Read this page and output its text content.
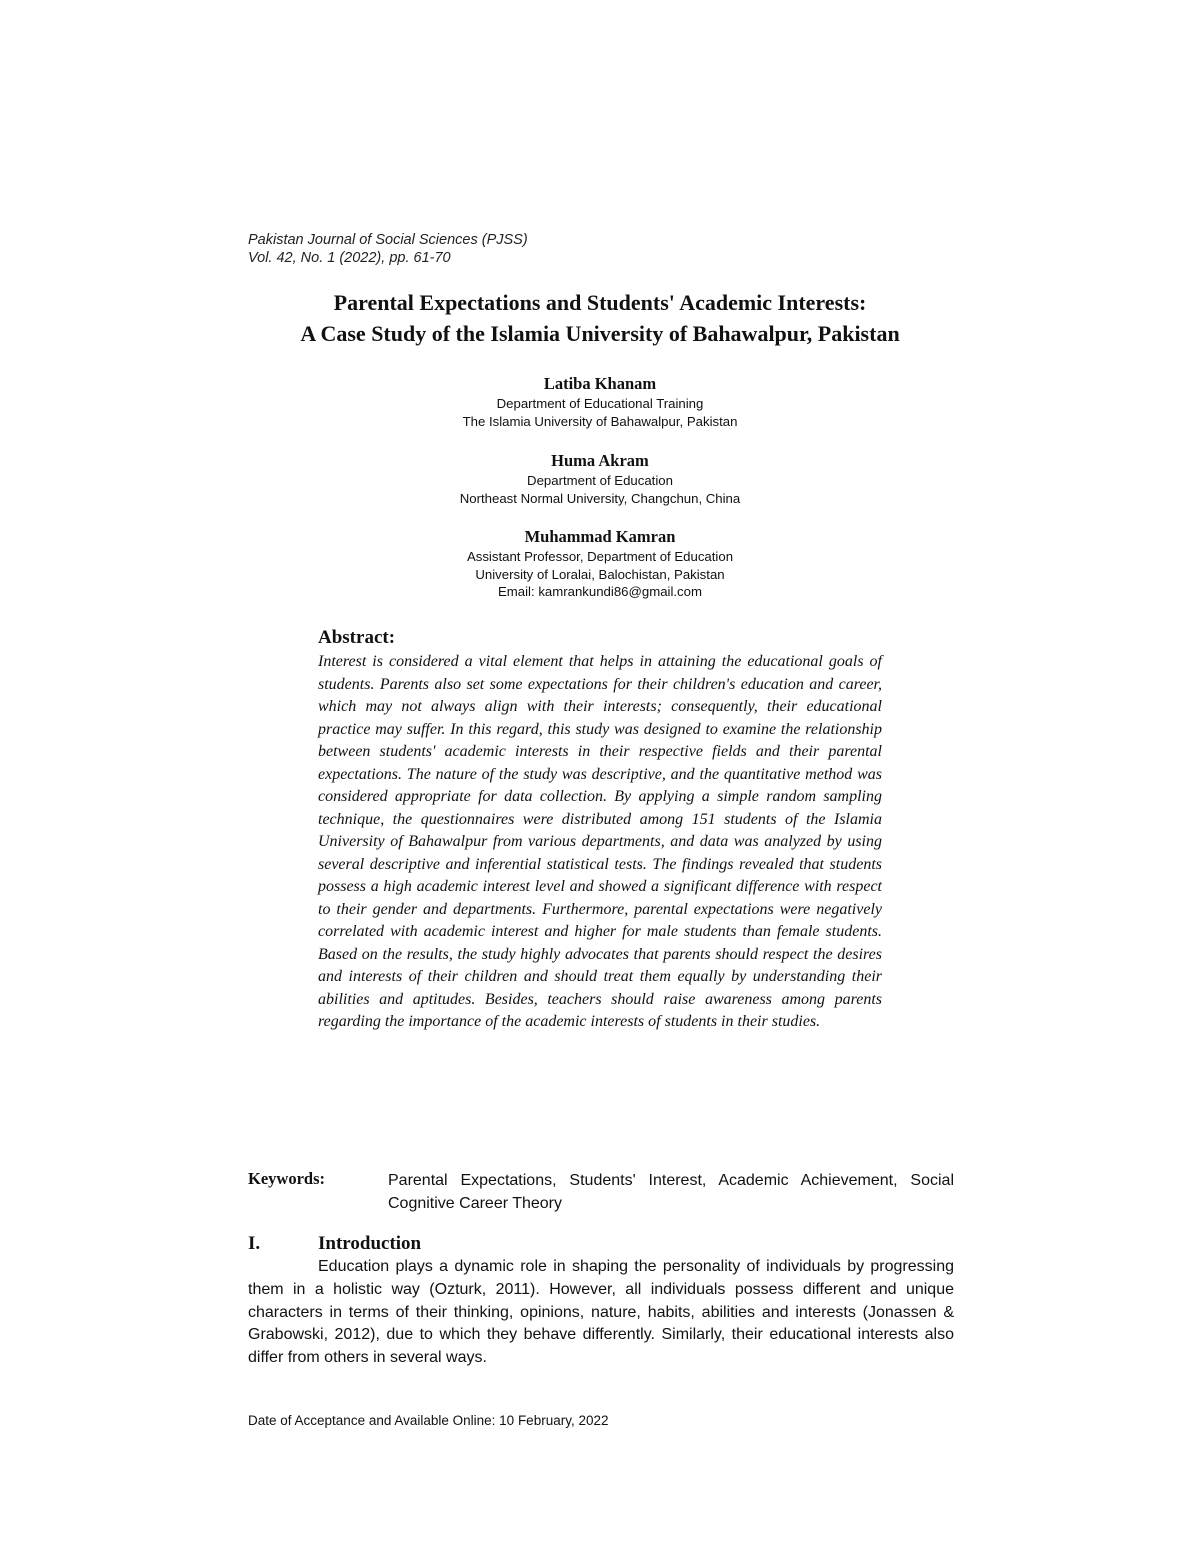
Pakistan Journal of Social Sciences (PJSS)
Vol. 42, No. 1 (2022), pp. 61-70
Parental Expectations and Students' Academic Interests:
A Case Study of the Islamia University of Bahawalpur, Pakistan
Latiba Khanam
Department of Educational Training
The Islamia University of Bahawalpur, Pakistan
Huma Akram
Department of Education
Northeast Normal University, Changchun, China
Muhammad Kamran
Assistant Professor, Department of Education
University of Loralai, Balochistan, Pakistan
Email: kamrankundi86@gmail.com
Abstract:

Interest is considered a vital element that helps in attaining the educational goals of students. Parents also set some expectations for their children's education and career, which may not always align with their interests; consequently, their educational practice may suffer. In this regard, this study was designed to examine the relationship between students' academic interests in their respective fields and their parental expectations. The nature of the study was descriptive, and the quantitative method was considered appropriate for data collection. By applying a simple random sampling technique, the questionnaires were distributed among 151 students of the Islamia University of Bahawalpur from various departments, and data was analyzed by using several descriptive and inferential statistical tests. The findings revealed that students possess a high academic interest level and showed a significant difference with respect to their gender and departments. Furthermore, parental expectations were negatively correlated with academic interest and higher for male students than female students. Based on the results, the study highly advocates that parents should respect the desires and interests of their children and should treat them equally by understanding their abilities and aptitudes. Besides, teachers should raise awareness among parents regarding the importance of the academic interests of students in their studies.

Keywords:	Parental Expectations, Students' Interest, Academic Achievement, Social Cognitive Career Theory

I.	Introduction

Education plays a dynamic role in shaping the personality of individuals by progressing them in a holistic way (Ozturk, 2011). However, all individuals possess different and unique characters in terms of their thinking, opinions, nature, habits, abilities and interests (Jonassen & Grabowski, 2012), due to which they behave differently. Similarly, their educational interests also differ from others in several ways.

Date of Acceptance and Available Online: 10 February, 2022
